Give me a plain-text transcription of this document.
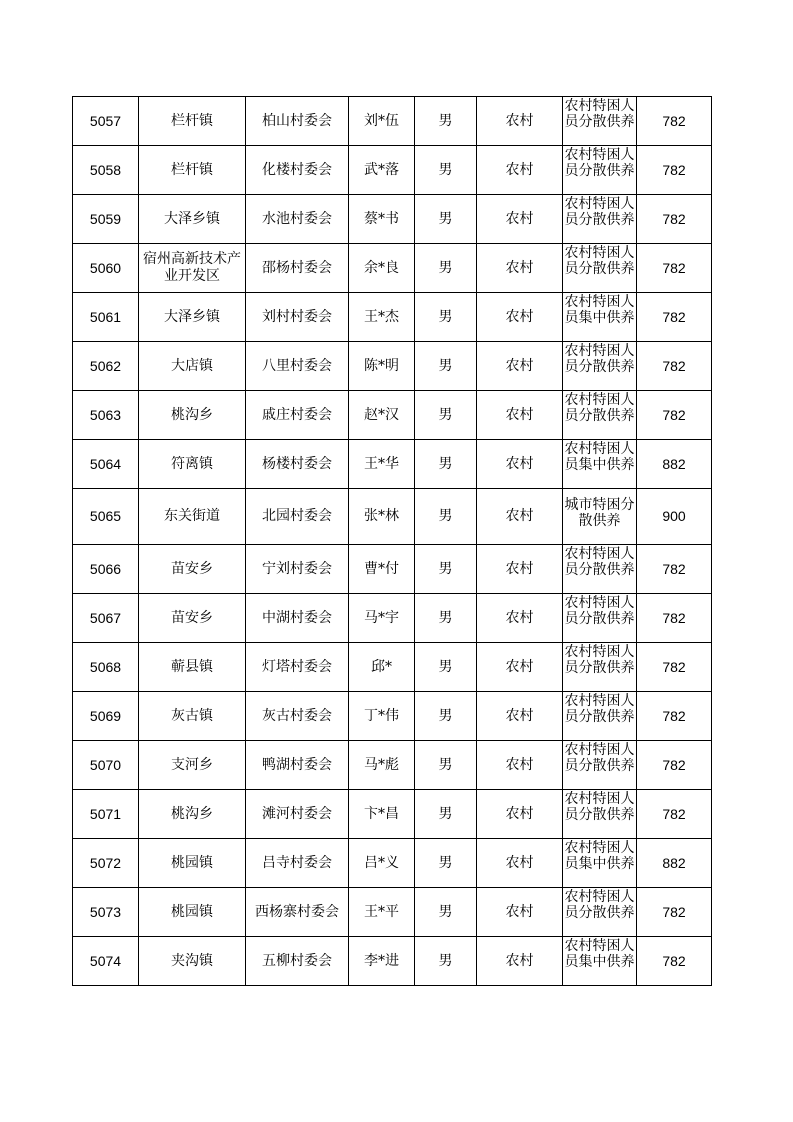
5057	栏杆镇	柏山村委会	刘*伍	男	农村	农村特困人员分散供养	782
5058	栏杆镇	化楼村委会	武*落	男	农村	农村特困人员分散供养	782
5059	大泽乡镇	水池村委会	蔡*书	男	农村	农村特困人员分散供养	782
5060	宿州高新技术产业开发区	邵杨村委会	余*良	男	农村	农村特困人员分散供养	782
5061	大泽乡镇	刘村村委会	王*杰	男	农村	农村特困人员集中供养	782
5062	大店镇	八里村委会	陈*明	男	农村	农村特困人员分散供养	782
5063	桃沟乡	戚庄村委会	赵*汉	男	农村	农村特困人员分散供养	782
5064	符离镇	杨楼村委会	王*华	男	农村	农村特困人员集中供养	882
5065	东关街道	北园村委会	张*林	男	农村	城市特困分散供养	900
5066	苗安乡	宁刘村委会	曹*付	男	农村	农村特困人员分散供养	782
5067	苗安乡	中湖村委会	马*宇	男	农村	农村特困人员分散供养	782
5068	蕲县镇	灯塔村委会	邱*	男	农村	农村特困人员分散供养	782
5069	灰古镇	灰古村委会	丁*伟	男	农村	农村特困人员分散供养	782
5070	支河乡	鸭湖村委会	马*彪	男	农村	农村特困人员分散供养	782
5071	桃沟乡	滩河村委会	卞*昌	男	农村	农村特困人员分散供养	782
5072	桃园镇	吕寺村委会	吕*义	男	农村	农村特困人员集中供养	882
5073	桃园镇	西杨寨村委会	王*平	男	农村	农村特困人员分散供养	782
5074	夹沟镇	五柳村委会	李*进	男	农村	农村特困人员集中供养	782
